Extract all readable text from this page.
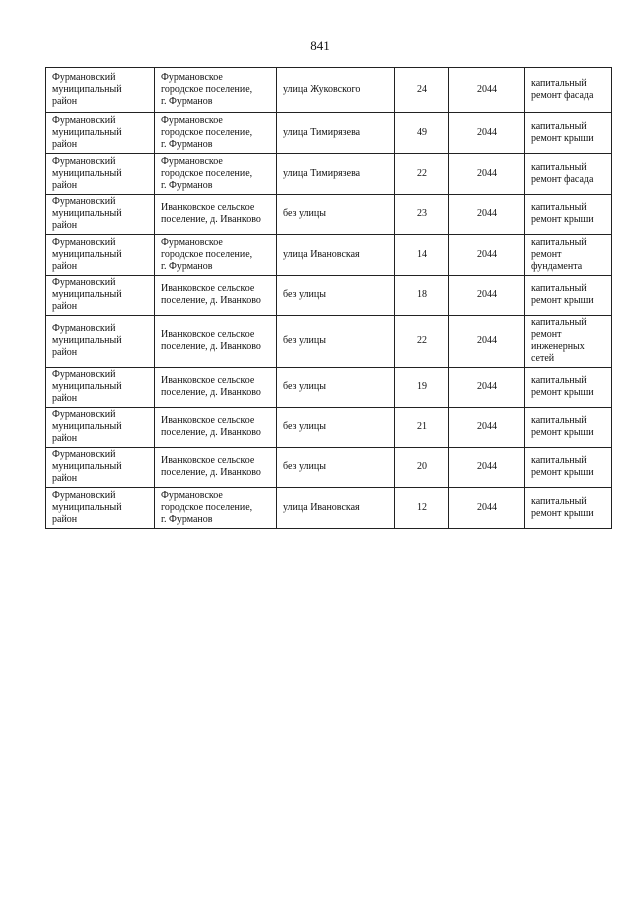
841
Фурмановский
муниципальный
район	Фурмановское
городское поселение,
г. Фурманов	улица Жуковского	24	2044	капитальный
ремонт фасада

Фурмановский
муниципальный
район	Фурмановское
городское поселение,
г. Фурманов	улица Тимирязева	49	2044	капитальный
ремонт крыши

Фурмановский
муниципальный
район	Фурмановское
городское поселение,
г. Фурманов	улица Тимирязева	22	2044	капитальный
ремонт фасада

Фурмановский
муниципальный
район	Иванковское сельское
поселение, д. Иванково	без улицы	23	2044	капитальный
ремонт крыши

Фурмановский
муниципальный
район	Фурмановское
городское поселение,
г. Фурманов	улица Ивановская	14	2044	капитальный
ремонт
фундамента

Фурмановский
муниципальный
район	Иванковское сельское
поселение, д. Иванково	без улицы	18	2044	капитальный
ремонт крыши

Фурмановский
муниципальный
район	Иванковское сельское
поселение, д. Иванково	без улицы	22	2044	капитальный
ремонт
инженерных
сетей

Фурмановский
муниципальный
район	Иванковское сельское
поселение, д. Иванково	без улицы	19	2044	капитальный
ремонт крыши

Фурмановский
муниципальный
район	Иванковское сельское
поселение, д. Иванково	без улицы	21	2044	капитальный
ремонт крыши

Фурмановский
муниципальный
район	Иванковское сельское
поселение, д. Иванково	без улицы	20	2044	капитальный
ремонт крыши

Фурмановский
муниципальный
район	Фурмановское
городское поселение,
г. Фурманов	улица Ивановская	12	2044	капитальный
ремонт крыши
